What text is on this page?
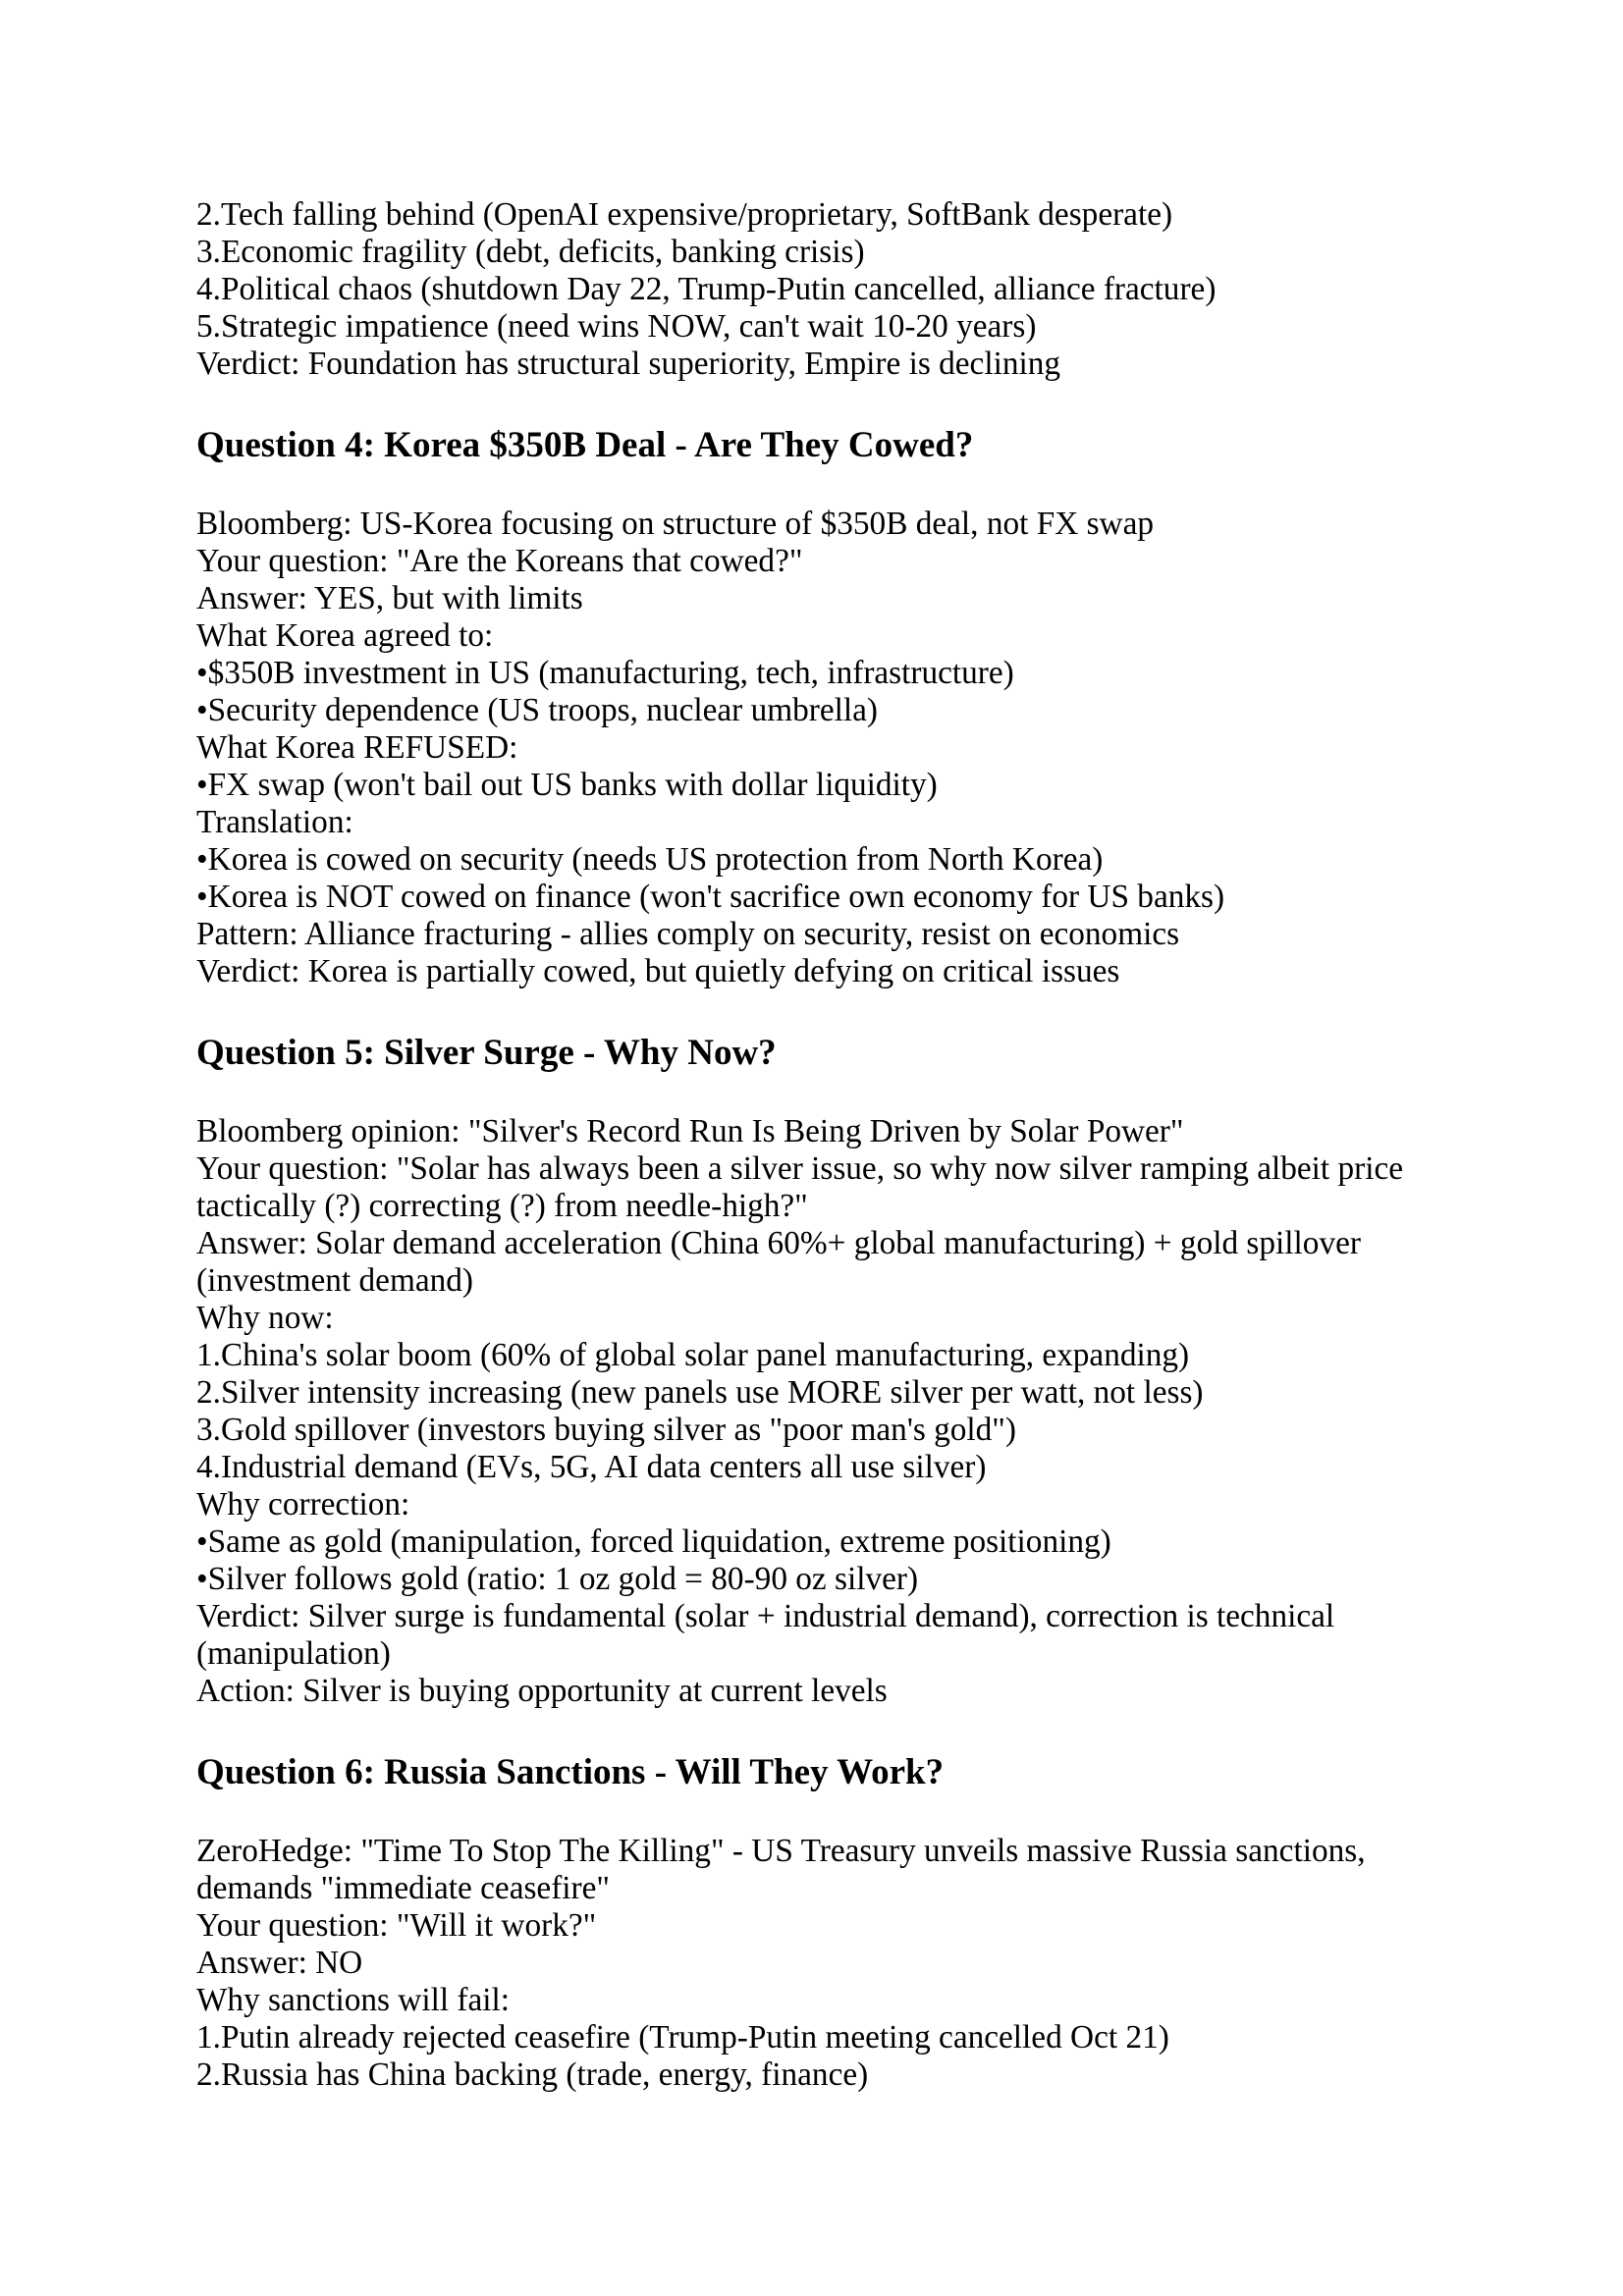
2.Tech falling behind (OpenAI expensive/proprietary, SoftBank desperate)
3.Economic fragility (debt, deficits, banking crisis)
4.Political chaos (shutdown Day 22, Trump-Putin cancelled, alliance fracture)
5.Strategic impatience (need wins NOW, can't wait 10-20 years)
Verdict: Foundation has structural superiority, Empire is declining
Question 4: Korea $350B Deal - Are They Cowed?
Bloomberg: US-Korea focusing on structure of $350B deal, not FX swap
Your question: "Are the Koreans that cowed?"
Answer: YES, but with limits
What Korea agreed to:
•$350B investment in US (manufacturing, tech, infrastructure)
•Security dependence (US troops, nuclear umbrella)
What Korea REFUSED:
•FX swap (won't bail out US banks with dollar liquidity)
Translation:
•Korea is cowed on security (needs US protection from North Korea)
•Korea is NOT cowed on finance (won't sacrifice own economy for US banks)
Pattern: Alliance fracturing - allies comply on security, resist on economics
Verdict: Korea is partially cowed, but quietly defying on critical issues
Question 5: Silver Surge - Why Now?
Bloomberg opinion: "Silver's Record Run Is Being Driven by Solar Power"
Your question: "Solar has always been a silver issue, so why now silver ramping albeit price
tactically (?) correcting (?) from needle-high?"
Answer: Solar demand acceleration (China 60%+ global manufacturing) + gold spillover
(investment demand)
Why now:
1.China's solar boom (60% of global solar panel manufacturing, expanding)
2.Silver intensity increasing (new panels use MORE silver per watt, not less)
3.Gold spillover (investors buying silver as "poor man's gold")
4.Industrial demand (EVs, 5G, AI data centers all use silver)
Why correction:
•Same as gold (manipulation, forced liquidation, extreme positioning)
•Silver follows gold (ratio: 1 oz gold = 80-90 oz silver)
Verdict: Silver surge is fundamental (solar + industrial demand), correction is technical
(manipulation)
Action: Silver is buying opportunity at current levels
Question 6: Russia Sanctions - Will They Work?
ZeroHedge: "Time To Stop The Killing" - US Treasury unveils massive Russia sanctions,
demands "immediate ceasefire"
Your question: "Will it work?"
Answer: NO
Why sanctions will fail:
1.Putin already rejected ceasefire (Trump-Putin meeting cancelled Oct 21)
2.Russia has China backing (trade, energy, finance)
